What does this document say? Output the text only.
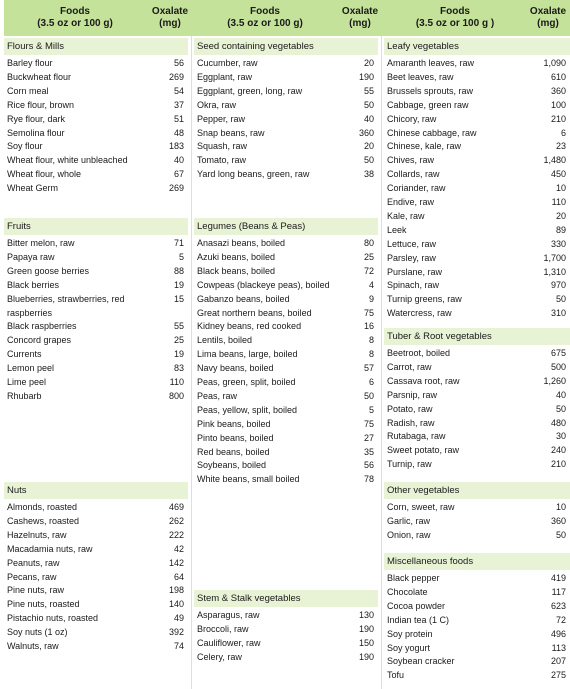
Foods
(3.5 oz or 100 g)
Oxalate
(mg)
Foods
(3.5 oz or 100 g)
Oxalate
(mg)
Foods
(3.5 oz or 100 g )
Oxalate
(mg)
Flours & Mills
Barley flour	56
Buckwheat flour	269
Corn meal	54
Rice flour, brown	37
Rye flour, dark	51
Semolina flour	48
Soy flour	183
Wheat flour, white unbleached	40
Wheat flour, whole	67
Wheat Germ	269
Fruits
Bitter melon, raw	71
Papaya raw	5
Green goose berries	88
Black berries	19
Blueberries, strawberries, red	15
raspberries
Black raspberries	55
Concord grapes	25
Currents	19
Lemon peel	83
Lime peel	110
Rhubarb	800
Nuts
Almonds, roasted	469
Cashews, roasted	262
Hazelnuts, raw	222
Macadamia nuts, raw	42
Peanuts, raw	142
Pecans, raw	64
Pine nuts, raw	198
Pine nuts, roasted	140
Pistachio nuts, roasted	49
Soy nuts (1 oz)	392
Walnuts, raw	74
Seed containing vegetables
Cucumber, raw	20
Eggplant, raw	190
Eggplant, green, long, raw	55
Okra, raw	50
Pepper, raw	40
Snap beans, raw	360
Squash, raw	20
Tomato, raw	50
Yard long beans, green, raw	38
Legumes (Beans & Peas)
Anasazi beans, boiled	80
Azuki beans, boiled	25
Black beans, boiled	72
Cowpeas (blackeye peas), boiled	4
Gabanzo beans, boiled	9
Great northern beans, boiled	75
Kidney beans, red cooked	16
Lentils, boiled	8
Lima beans, large, boiled	8
Navy beans, boiled	57
Peas, green, split, boiled	6
Peas, raw	50
Peas, yellow, split, boiled	5
Pink beans, boiled	75
Pinto beans, boiled	27
Red beans, boiled	35
Soybeans, boiled	56
White beans, small boiled	78
Stem & Stalk vegetables
Asparagus, raw	130
Broccoli, raw	190
Cauliflower, raw	150
Celery, raw	190
Leafy vegetables
Amaranth leaves, raw	1,090
Beet leaves, raw	610
Brussels sprouts, raw	360
Cabbage, green raw	100
Chicory, raw	210
Chinese cabbage, raw	6
Chinese, kale, raw	23
Chives, raw	1,480
Collards, raw	450
Coriander, raw	10
Endive, raw	110
Kale, raw	20
Leek	89
Lettuce, raw	330
Parsley, raw	1,700
Purslane, raw	1,310
Spinach, raw	970
Turnip greens, raw	50
Watercress, raw	310
Tuber & Root vegetables
Beetroot, boiled	675
Carrot, raw	500
Cassava root, raw	1,260
Parsnip, raw	40
Potato, raw	50
Radish, raw	480
Rutabaga, raw	30
Sweet potato, raw	240
Turnip, raw	210
Other vegetables
Corn, sweet, raw	10
Garlic, raw	360
Onion, raw	50
Miscellaneous foods
Black pepper	419
Chocolate	117
Cocoa powder	623
Indian tea (1 C)	72
Soy protein	496
Soy yogurt	113
Soybean cracker	207
Tofu	275
